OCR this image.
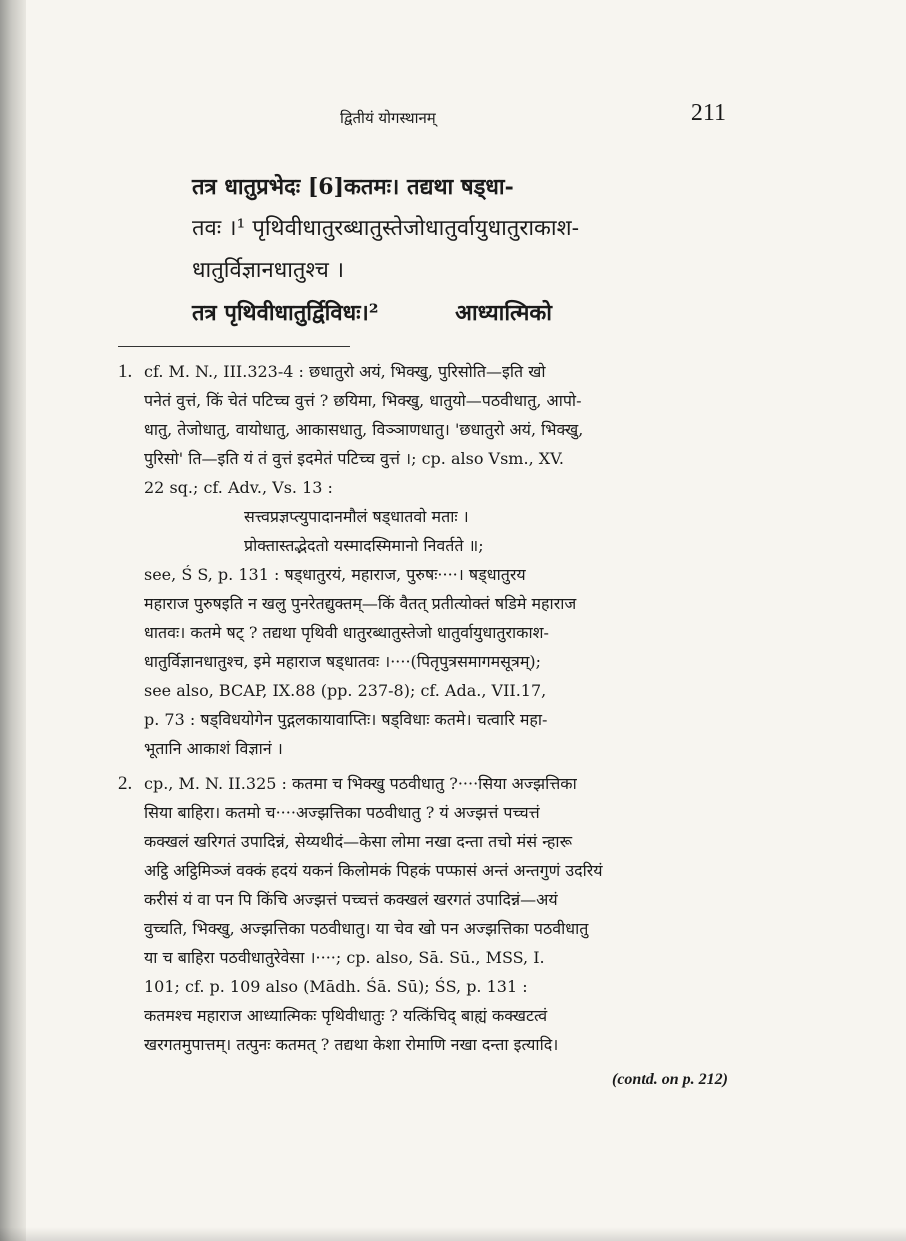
द्वितीयं योगस्थानम्	211

तत्र धातुप्रभेदः [6]कतमः। तद्यथा षड्धा-

तवः ।¹ पृथिवीधातुरब्धातुस्तेजोधातुर्वायुधातुराकाश-

धातुर्विज्ञानधातुश्च ।

तत्र पृथिवीधातुर्द्विविधः।²          आध्यात्मिको

1. cf. M. N., III.323-4 : छधातुरो अयं, भिक्खु, पुरिसोति—इति खो
पनेतं वुत्तं, किं चेतं पटिच्च वुत्तं ? छयिमा, भिक्खु, धातुयो—पठवीधातु, आपो-
धातु, तेजोधातु, वायोधातु, आकासधातु, विञ्ञाणधातु। 'छधातुरो अयं, भिक्खु,
पुरिसो' ति—इति यं तं वुत्तं इदमेतं पटिच्च वुत्तं ।; cp. also Vsm., XV.
22 sq.; cf. Adv., Vs. 13 :
सत्त्वप्रज्ञप्त्युपादानमौलं षड्धातवो मताः ।
प्रोक्तास्तद्भेदतो यस्मादस्मिमानो निवर्तते ॥;
see, Ś S, p. 131 : षड्धातुरयं, महाराज, पुरुषः····। षड्धातुरय
महाराज पुरुषइति न खलु पुनरेतद्युक्तम्—किं वैतत् प्रतीत्योक्तं षडिमे महाराज
धातवः। कतमे षट् ? तद्यथा पृथिवी धातुरब्धातुस्तेजो धातुर्वायुधातुराकाश-
धातुर्विज्ञानधातुश्च, इमे महाराज षड्धातवः ।····(पितृपुत्रसमागमसूत्रम्);
see also, BCAP, IX.88 (pp. 237-8); cf. Ada., VII.17,
p. 73 : षड्विधयोगेन पुद्गलकायावाप्तिः। षड्विधाः कतमे। चत्वारि महा-
भूतानि आकाशं विज्ञानं ।
2. cp., M. N. II.325 : कतमा च भिक्खु पठवीधातु ?····सिया अज्झत्तिका
सिया बाहिरा। कतमो च····अज्झत्तिका पठवीधातु ? यं अज्झत्तं पच्चत्तं
कक्खलं खरिगतं उपादिन्नं, सेय्यथीदं—केसा लोमा नखा दन्ता तचो मंसं न्हारू
अट्ठि अट्ठिमिञ्जं वक्कं हदयं यकनं किलोमकं पिहकं पप्फासं अन्तं अन्तगुणं उदरियं
करीसं यं वा पन पि किंचि अज्झत्तं पच्चत्तं कक्खलं खरगतं उपादिन्नं—अयं
वुच्चति, भिक्खु, अज्झत्तिका पठवीधातु। या चेव खो पन अज्झत्तिका पठवीधातु
या च बाहिरा पठवीधातुरेवेसा ।····; cp. also, Sā. Sū., MSS, I.
101; cf. p. 109 also (Mādh. Śā. Sū); ŚS, p. 131 :
कतमश्च महाराज आध्यात्मिकः पृथिवीधातुः ? यत्किंचिद् बाह्यं कक्खटत्वं
खरगतमुपात्तम्। तत्पुनः कतमत् ? तद्यथा केशा रोमाणि नखा दन्ता इत्यादि।
(contd. on p. 212)
